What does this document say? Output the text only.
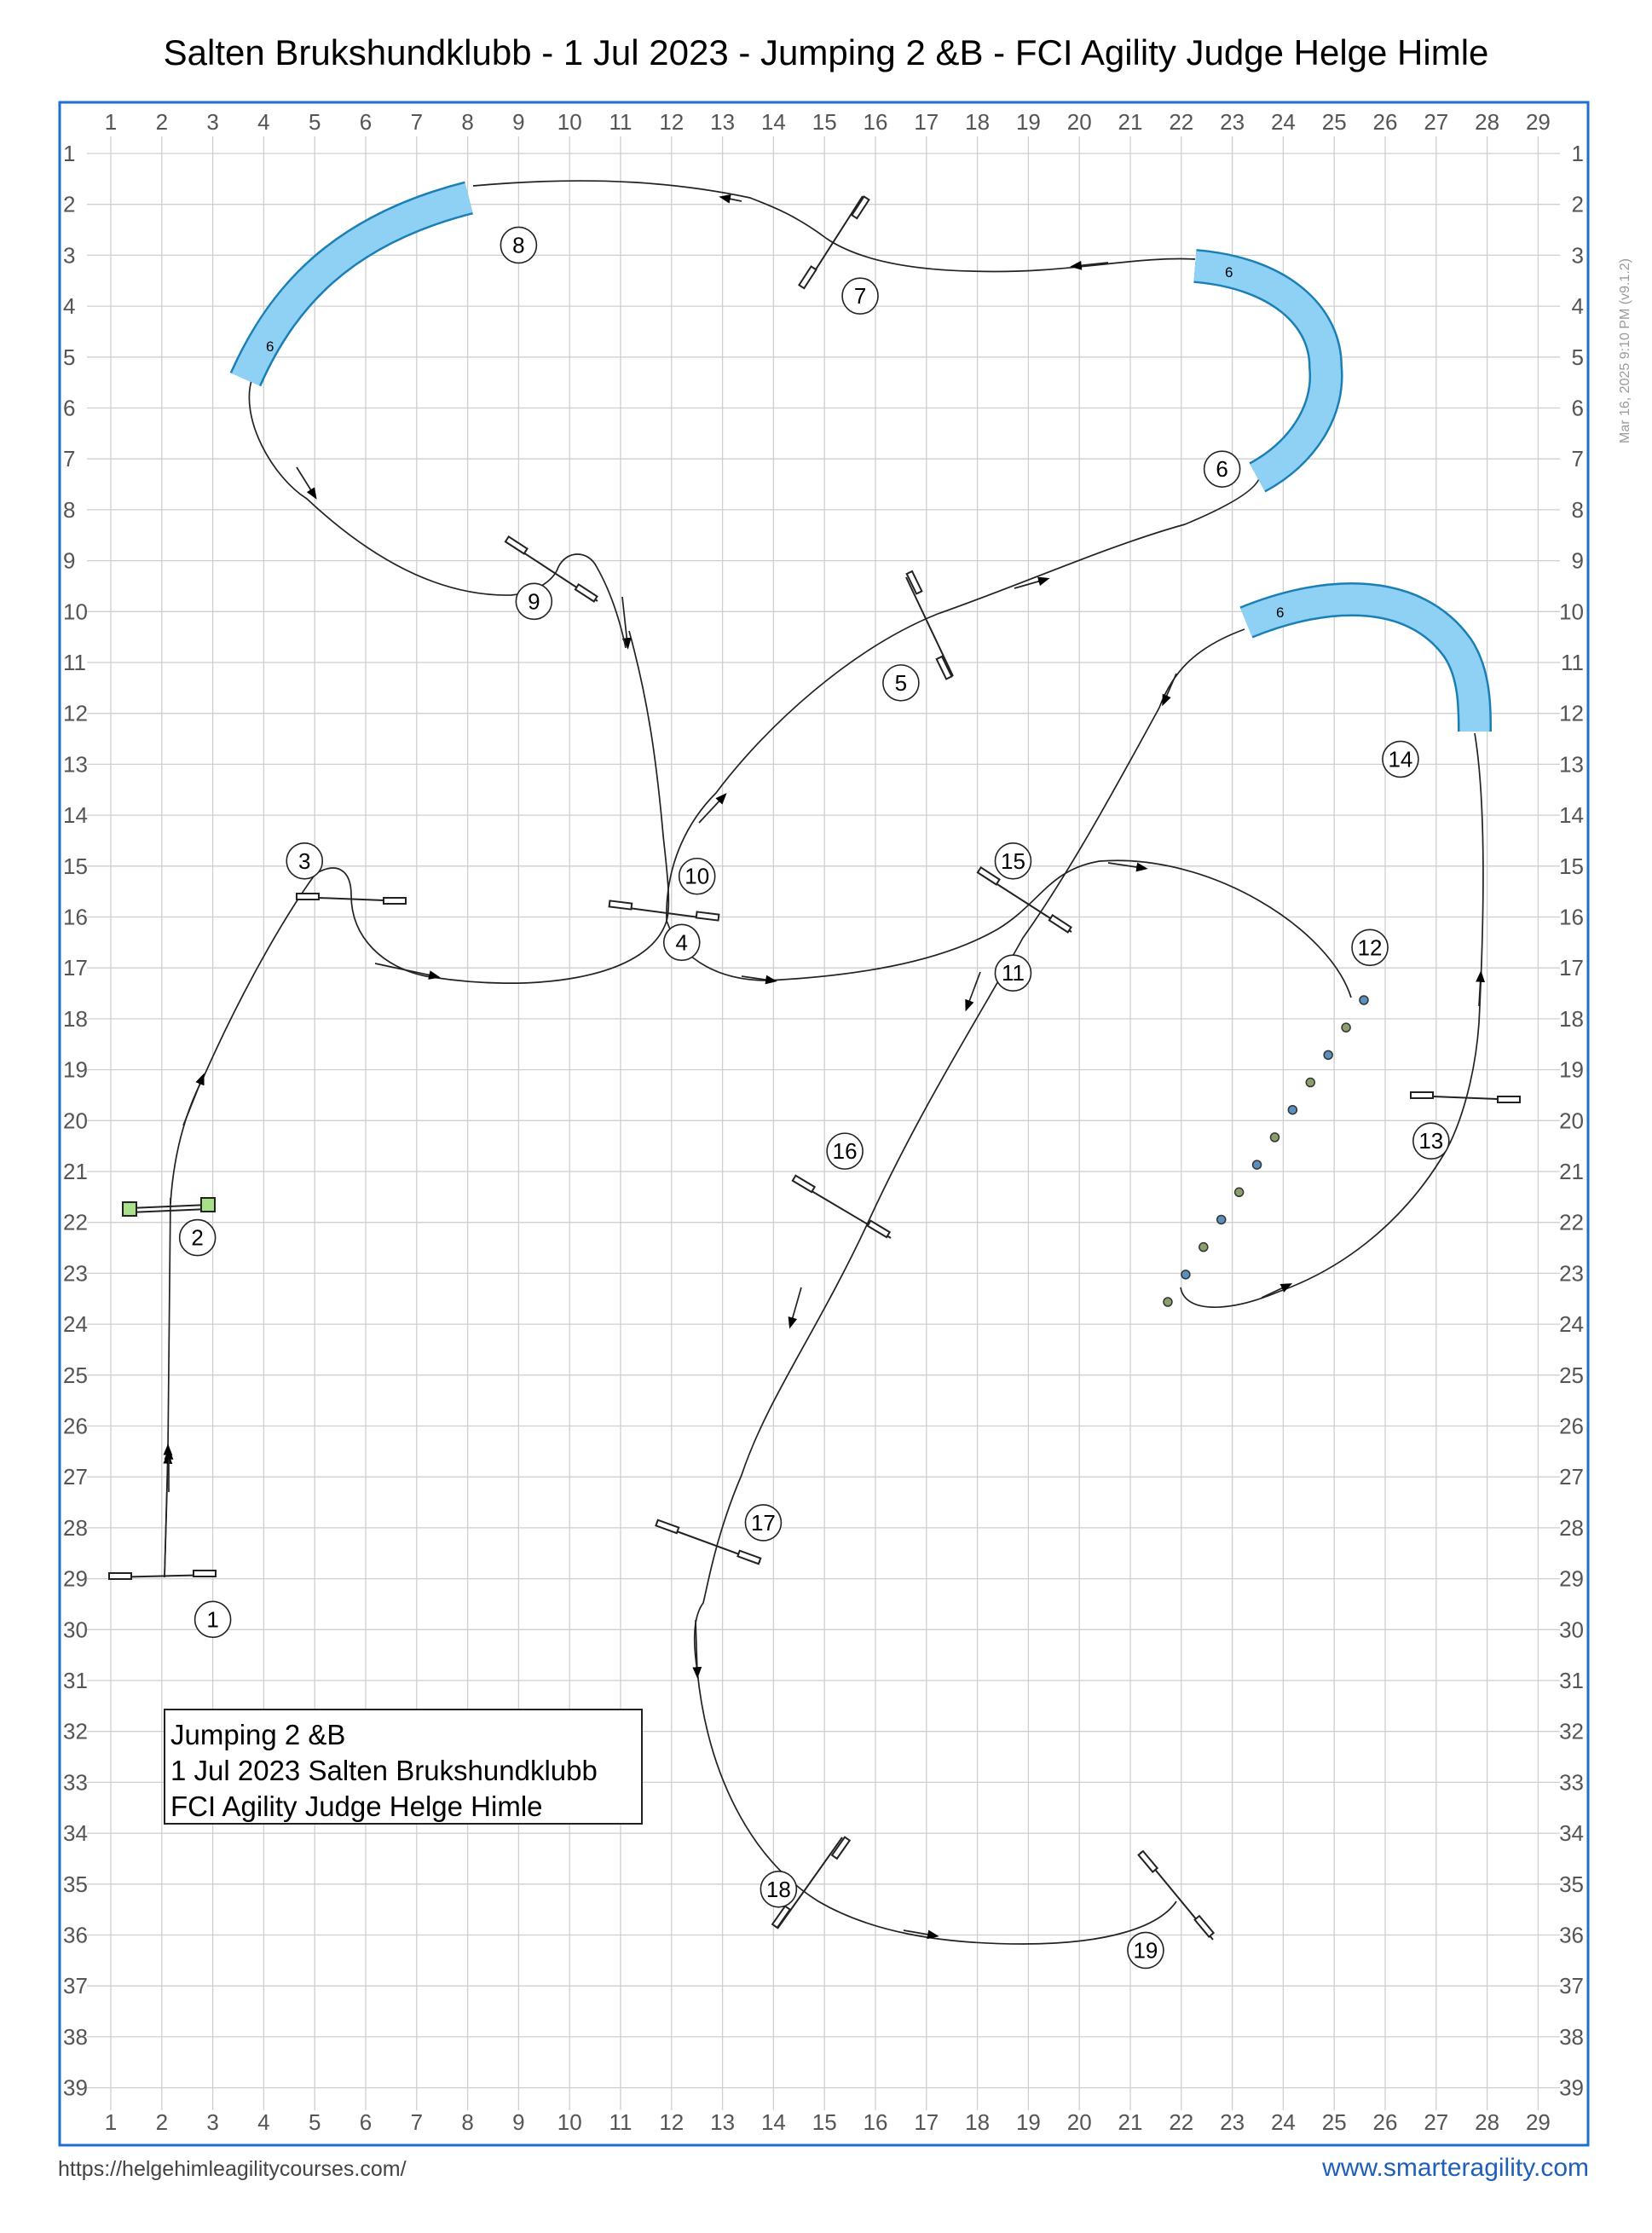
Salten Brukshundklubb - 1 Jul 2023 - Jumping 2 &B - FCI Agility Judge Helge Himle
1
1
2
2
3
3
4
4
5
5
6
6
7
7
8
8
9
9
10
10
11
11
12
12
13
13
14
14
15
15
16
16
17
17
18
18
19
19
20
20
21
21
22
22
23
23
24
24
25
25
26
26
27
27
28
28
29
29
1	1
2	2
3	3
4	4
5	5
6	6
7	7
8	8
9	9
10	10
11	11
12	12
13	13
14	14
15	15
16	16
17	17
18	18
19	19
20	20
21	21
22	22
23	23
24	24
25	25
26	26
27	27
28	28
29	29
30	30
31	31
32	32
33	33
34	34
35	35
36	36
37	37
38	38
39	39
6
6
6
1
2
3
4
5
6
7
8
9
10
11
12
13
14
15
16
17
18
19
Jumping 2 &B
1 Jul 2023 Salten Brukshundklubb
FCI Agility Judge Helge Himle
Mar 16, 2025 9:10 PM (v9.1.2)
https://helgehimleagilitycourses.com/	www.smarteragility.com
